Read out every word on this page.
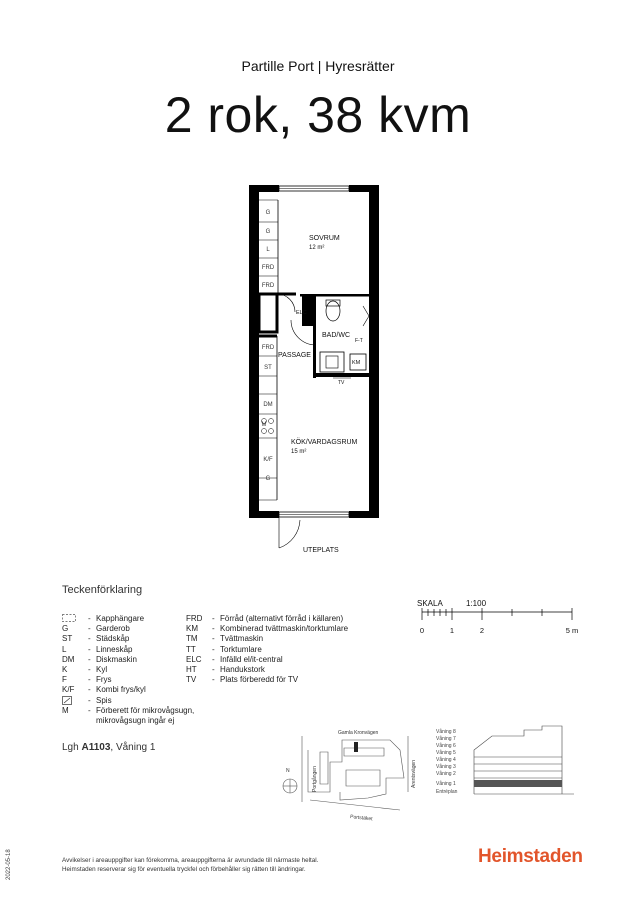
Partille Port | Hyresrätter
2 rok, 38 kvm
G
G
L
FRD
FRD
FRD
ST
DM
M
K/F
G
SOVRUM
12 m²
BAD/WC
PASSAGE
KÖK/VARDAGSRUM
15 m²
UTEPLATS
ELC
F-T
KM
TV
Teckenförklaring
- Kapphängare
G	- Garderob
ST	- Städskåp
L	- Linneskåp
DM	- Diskmaskin
K	- Kyl
F	- Frys
K/F	- Kombi frys/kyl
- Spis
M	- Förberett för mikrovågsugn,
mikrovågsugn ingår ej
FRD	- Förråd (alternativt förråd i källaren)
KM	- Kombinerad tvättmaskin/torktumlare
TM	- Tvättmaskin
TT	- Torktumlare
ELC	- Infälld el/it-central
HT	- Handukstork
TV	- Plats förberedd för TV
SKALA	1:100
0	1	2	5 m
Lgh A1103, Våning 1
Gamla Kronvägen
N
Portstäket
Portgången	Arentsvägen
Våning 8
Våning 7
Våning 6
Våning 5
Våning 4
Våning 3
Våning 2
Våning 1
Entréplan
Avvikelser i areauppgifter kan förekomma, areauppgifterna är avrundade till närmaste heltal.
Heimstaden reserverar sig för eventuella tryckfel och förbehåller sig rätten till ändringar.
Heimstaden
2022-05-18
